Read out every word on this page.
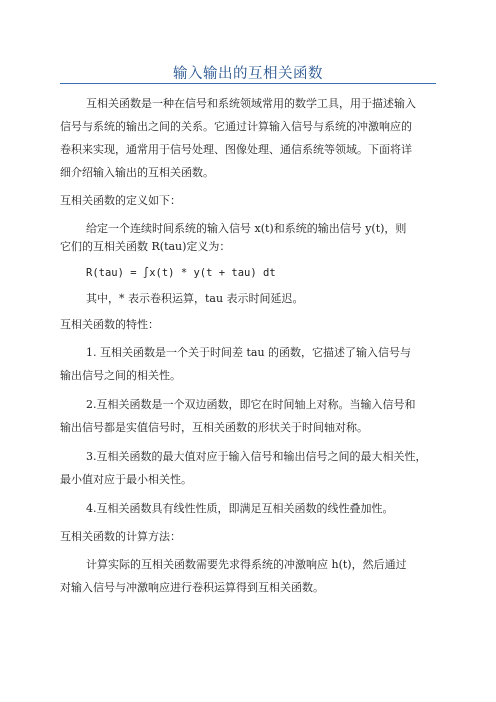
输入输出的互相关函数
互相关函数是一种在信号和系统领域常用的数学工具，用于描述输入
信号与系统的输出之间的关系。它通过计算输入信号与系统的冲激响应的
卷积来实现，通常用于信号处理、图像处理、通信系统等领域。下面将详
细介绍输入输出的互相关函数。
互相关函数的定义如下：
给定一个连续时间系统的输入信号 x(t)和系统的输出信号 y(t)，则
它们的互相关函数 R(tau)定义为：
R(tau) = ∫x(t) * y(t + tau) dt
其中，* 表示卷积运算，tau 表示时间延迟。
互相关函数的特性：
1. 互相关函数是一个关于时间差 tau 的函数，它描述了输入信号与
输出信号之间的相关性。
2.互相关函数是一个双边函数，即它在时间轴上对称。当输入信号和
输出信号都是实值信号时，互相关函数的形状关于时间轴对称。
3.互相关函数的最大值对应于输入信号和输出信号之间的最大相关性，
最小值对应于最小相关性。
4.互相关函数具有线性性质，即满足互相关函数的线性叠加性。
互相关函数的计算方法：
计算实际的互相关函数需要先求得系统的冲激响应 h(t)，然后通过
对输入信号与冲激响应进行卷积运算得到互相关函数。
